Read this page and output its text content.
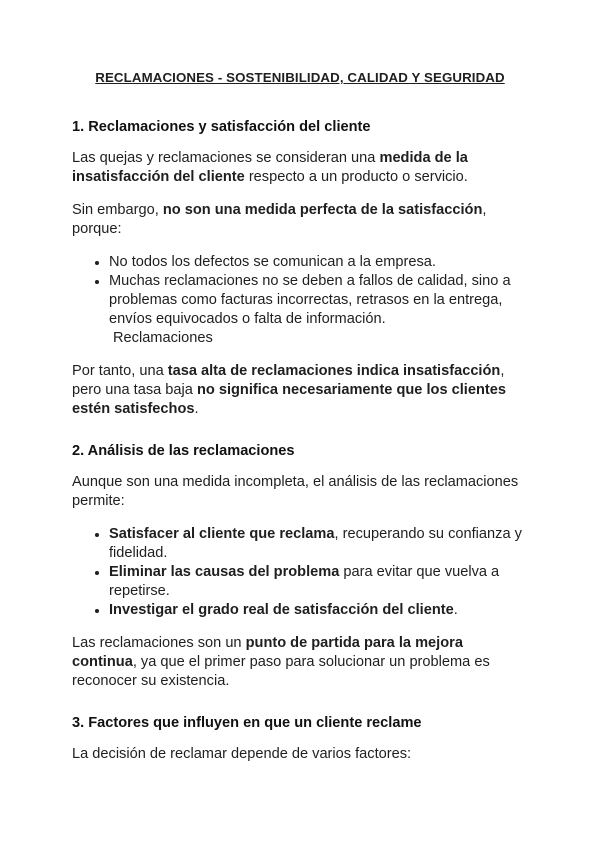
RECLAMACIONES - SOSTENIBILIDAD, CALIDAD Y SEGURIDAD
1. Reclamaciones y satisfacción del cliente

Las quejas y reclamaciones se consideran una medida de la insatisfacción del cliente respecto a un producto o servicio.

Sin embargo, no son una medida perfecta de la satisfacción, porque:

• No todos los defectos se comunican a la empresa.
• Muchas reclamaciones no se deben a fallos de calidad, sino a problemas como facturas incorrectas, retrasos en la entrega, envíos equivocados o falta de información.
Reclamaciones

Por tanto, una tasa alta de reclamaciones indica insatisfacción, pero una tasa baja no significa necesariamente que los clientes estén satisfechos.

2. Análisis de las reclamaciones

Aunque son una medida incompleta, el análisis de las reclamaciones permite:

• Satisfacer al cliente que reclama, recuperando su confianza y fidelidad.
• Eliminar las causas del problema para evitar que vuelva a repetirse.
• Investigar el grado real de satisfacción del cliente.

Las reclamaciones son un punto de partida para la mejora continua, ya que el primer paso para solucionar un problema es reconocer su existencia.

3. Factores que influyen en que un cliente reclame

La decisión de reclamar depende de varios factores:
